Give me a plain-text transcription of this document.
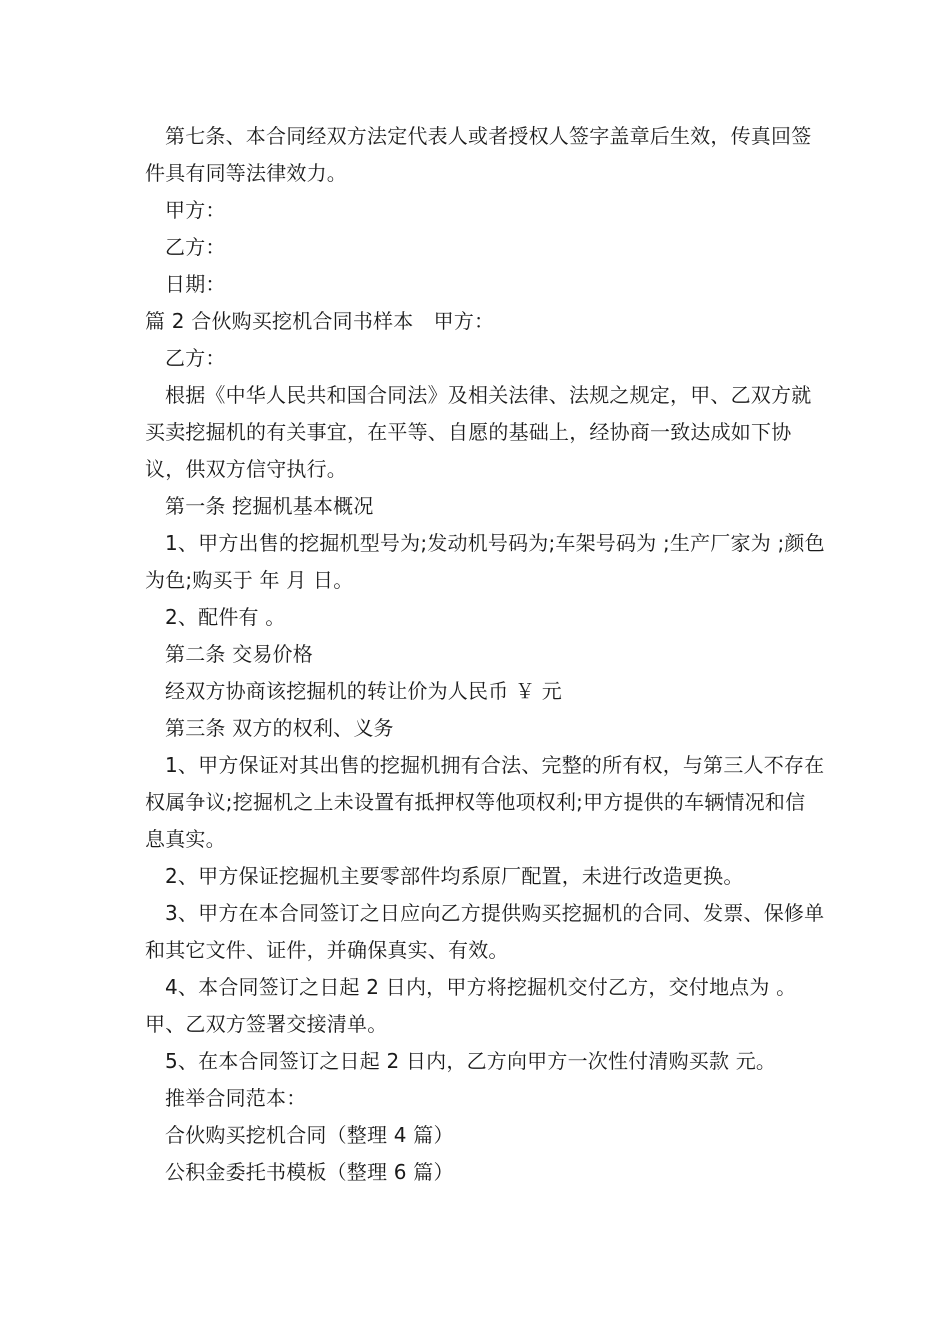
第七条、本合同经双方法定代表人或者授权人签字盖章后生效，传真回签件具有同等法律效力。

甲方：

乙方：

日期：

篇 2 合伙购买挖机合同书样本　甲方：

乙方：

根据《中华人民共和国合同法》及相关法律、法规之规定，甲、乙双方就买卖挖掘机的有关事宜，在平等、自愿的基础上，经协商一致达成如下协议，供双方信守执行。

第一条 挖掘机基本概况

1、甲方出售的挖掘机型号为;发动机号码为;车架号码为 ;生产厂家为 ;颜色为色;购买于 年 月 日。

2、配件有 。

第二条 交易价格

经双方协商该挖掘机的转让价为人民币 ￥ 元

第三条 双方的权利、义务

1、甲方保证对其出售的挖掘机拥有合法、完整的所有权，与第三人不存在权属争议;挖掘机之上未设置有抵押权等他项权利;甲方提供的车辆情况和信息真实。

2、甲方保证挖掘机主要零部件均系原厂配置，未进行改造更换。

3、甲方在本合同签订之日应向乙方提供购买挖掘机的合同、发票、保修单和其它文件、证件，并确保真实、有效。

4、本合同签订之日起 2 日内，甲方将挖掘机交付乙方，交付地点为 。甲、乙双方签署交接清单。

5、在本合同签订之日起 2 日内，乙方向甲方一次性付清购买款 元。

推举合同范本：

合伙购买挖机合同（整理 4 篇）

公积金委托书模板（整理 6 篇）
